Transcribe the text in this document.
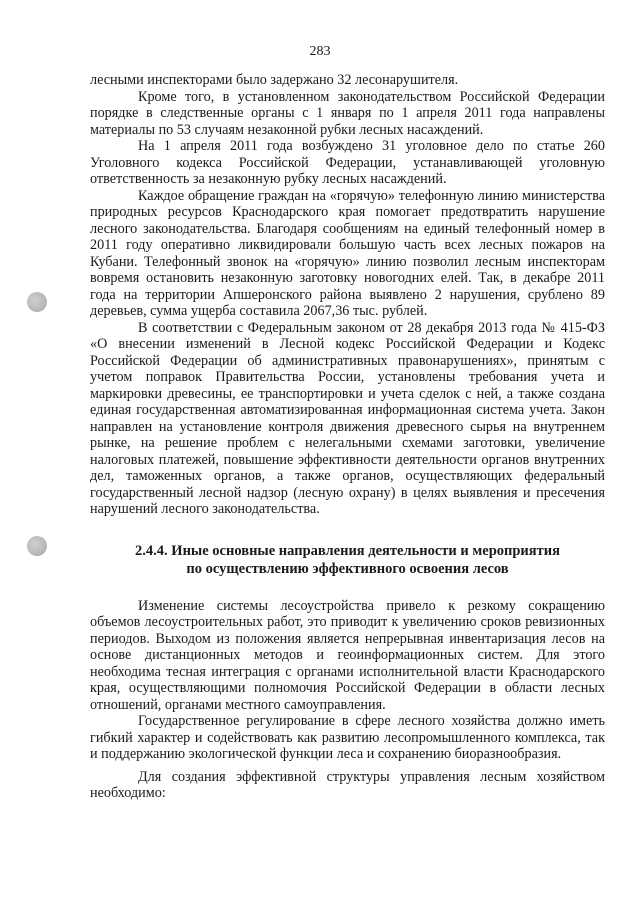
283

лесными инспекторами было задержано 32 лесонарушителя.

Кроме того, в установленном законодательством Российской Федерации порядке в следственные органы с 1 января по 1 апреля 2011 года направлены материалы по 53 случаям незаконной рубки лесных насаждений.

На 1 апреля 2011 года возбуждено 31 уголовное дело по статье 260 Уголовного кодекса Российской Федерации, устанавливающей уголовную ответственность за незаконную рубку лесных насаждений.

Каждое обращение граждан на «горячую» телефонную линию министерства природных ресурсов Краснодарского края помогает предотвратить нарушение лесного законодательства. Благодаря сообщениям на единый телефонный номер в 2011 году оперативно ликвидировали большую часть всех лесных пожаров на Кубани. Телефонный звонок на «горячую» линию позволил лесным инспекторам вовремя остановить незаконную заготовку новогодних елей. Так, в декабре 2011 года на территории Апшеронского района выявлено 2 нарушения, срублено 89 деревьев, сумма ущерба составила 2067,36 тыс. рублей.

В соответствии с Федеральным законом от 28 декабря 2013 года № 415-ФЗ «О внесении изменений в Лесной кодекс Российской Федерации и Кодекс Российской Федерации об административных правонарушениях», принятым с учетом поправок Правительства России, установлены требования учета и маркировки древесины, ее транспортировки и учета сделок с ней, а также создана единая государственная автоматизированная информационная система учета. Закон направлен на установление контроля движения древесного сырья на внутреннем рынке, на решение проблем с нелегальными схемами заготовки, увеличение налоговых платежей, повышение эффективности деятельности органов внутренних дел, таможенных органов, а также органов, осуществляющих федеральный государственный лесной надзор (лесную охрану) в целях выявления и пресечения нарушений лесного законодательства.

2.4.4. Иные основные направления деятельности и мероприятия
по осуществлению эффективного освоения лесов

Изменение системы лесоустройства привело к резкому сокращению объемов лесоустроительных работ, это приводит к увеличению сроков ревизионных периодов. Выходом из положения является непрерывная инвентаризация лесов на основе дистанционных методов и геоинформационных систем. Для этого необходима тесная интеграция с органами исполнительной власти Краснодарского края, осуществляющими полномочия Российской Федерации в области лесных отношений, органами местного самоуправления.

Государственное регулирование в сфере лесного хозяйства должно иметь гибкий характер и содействовать как развитию лесопромышленного комплекса, так и поддержанию экологической функции леса и сохранению биоразнообразия.

Для создания эффективной структуры управления лесным хозяйством необходимо:
